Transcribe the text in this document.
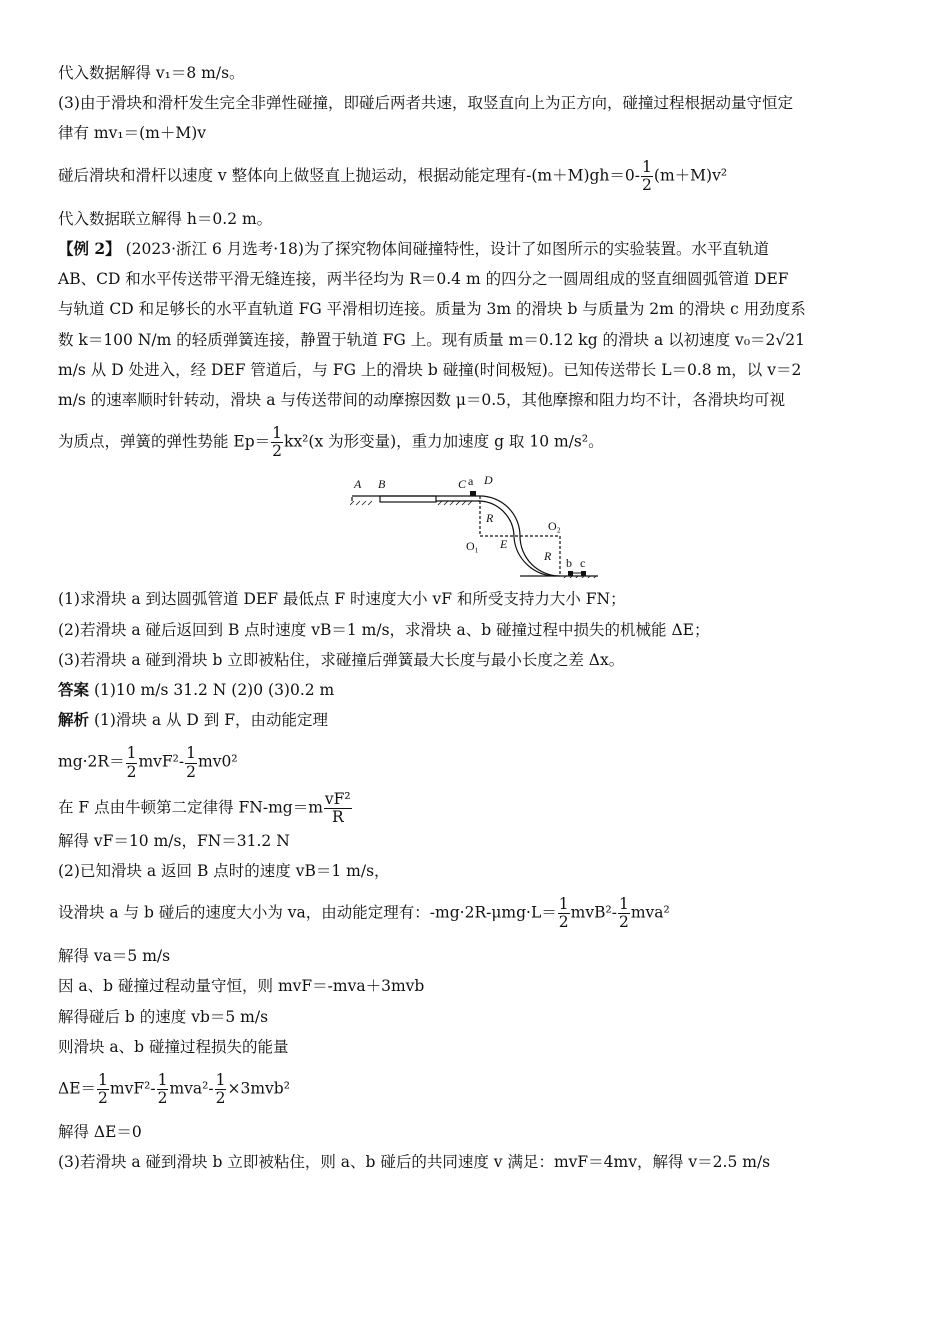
代入数据解得 v₁＝8 m/s。

(3)由于滑块和滑杆发生完全非弹性碰撞，即碰后两者共速，取竖直向上为正方向，碰撞过程根据动量守恒定

律有 mv₁＝(m＋M)v

碰后滑块和滑杆以速度 v 整体向上做竖直上抛运动，根据动能定理有$-(m+M)gh=0- \frac{1}{2} (m+M)v^2$

代入数据联立解得 h＝0.2 m。

【例 2】 (2023·浙江 6 月选考·18)为了探究物体间碰撞特性，设计了如图所示的实验装置。水平直轨道

AB、CD 和水平传送带平滑无缝连接，两半径均为 R＝0.4 m 的四分之一圆周组成的竖直细圆弧管道 DEF

与轨道 CD 和足够长的水平直轨道 FG 平滑相切连接。质量为 3m 的滑块 b 与质量为 2m 的滑块 c 用劲度系

数 k＝100 N/m 的轻质弹簧连接，静置于轨道 FG 上。现有质量 m＝0.12 kg 的滑块 a 以初速度 v₀＝2√21

m/s 从 D 处进入，经 DEF 管道后，与 FG 上的滑块 b 碰撞(时间极短)。已知传送带长 L＝0.8 m，以 v＝2

m/s 的速率顺时针转动，滑块 a 与传送带间的动摩擦因数 μ＝0.5，其他摩擦和阻力均不计，各滑块均可视

为质点，弹簧的弹性势能 $Ep= \frac{1}{2} kx^2(x$ 为形变量)，重力加速度 g 取 10 m/s²。

A B	C a D
R
O₁ E
O₂
R b c

(1)求滑块 a 到达圆弧管道 DEF 最低点 F 时速度大小 vF 和所受支持力大小 FN；

(2)若滑块 a 碰后返回到 B 点时速度 vB＝1 m/s，求滑块 a、b 碰撞过程中损失的机械能 ΔE；

(3)若滑块 a 碰到滑块 b 立即被粘住，求碰撞后弹簧最大长度与最小长度之差 Δx。

答案 (1)10 m/s 31.2 N (2)0 (3)0.2 m

解析 (1)滑块 a 从 D 到 F，由动能定理

$mg\cdot 2R= \frac{1}{2} mvF^2- \frac{1}{2} mv0^2$

在 F 点由牛顿第二定律得 $FN-mg=m \frac{\text{vF²}}{R}$

解得 vF＝10 m/s，FN＝31.2 N

(2)已知滑块 a 返回 B 点时的速度 vB＝1 m/s，

设滑块 a 与 b 碰后的速度大小为 va，由动能定理有：$-mg\cdot 2R-\mu mg\cdot L= \frac{1}{2} mvB^2- \frac{1}{2} mva^2$

解得 va＝5 m/s

因 a、b 碰撞过程动量守恒，则 mvF＝-mva＋3mvb

解得碰后 b 的速度 vb＝5 m/s

则滑块 a、b 碰撞过程损失的能量

$\Delta E= \frac{1}{2} mvF^2- \frac{1}{2} mva^2- \frac{1}{2} \times 3mvb^2$

解得 ΔE＝0

(3)若滑块 a 碰到滑块 b 立即被粘住，则 a、b 碰后的共同速度 v 满足：mvF＝4mv，解得 v＝2.5 m/s
